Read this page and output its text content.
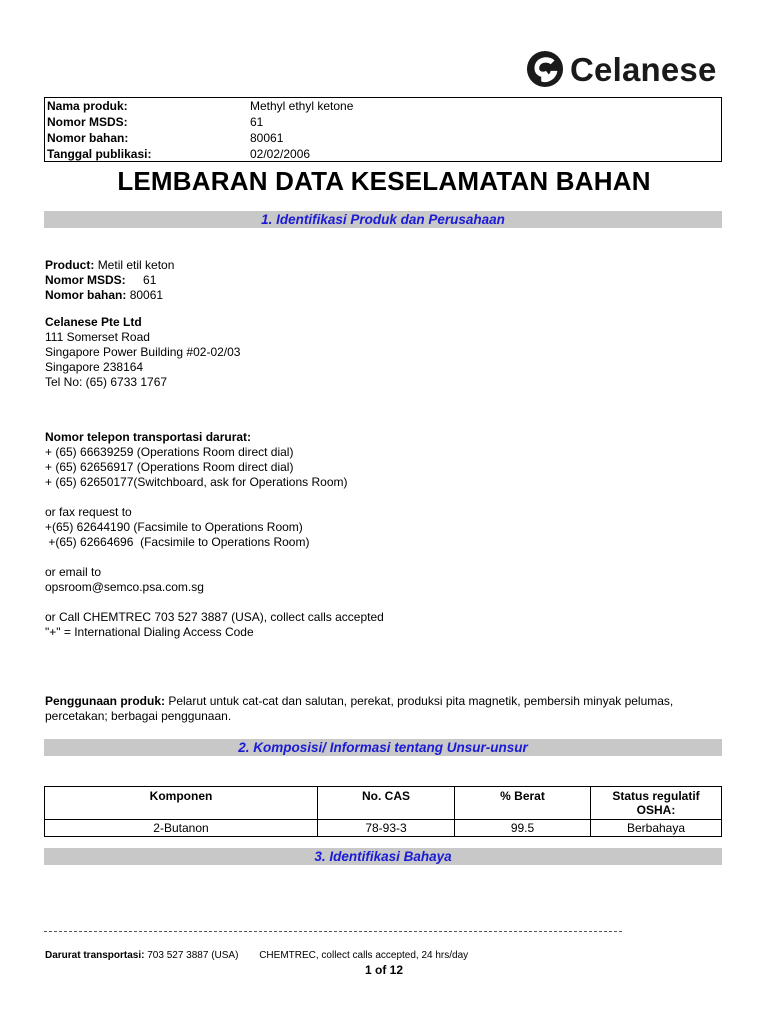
Celanese
Nama produk:	Methyl ethyl ketone
Nomor MSDS:	61
Nomor bahan:	80061
Tanggal publikasi:	02/02/2006
LEMBARAN DATA KESELAMATAN BAHAN
1. Identifikasi Produk dan Perusahaan
Product: Metil etil keton
Nomor MSDS: 61
Nomor bahan: 80061
Celanese Pte Ltd
111 Somerset Road
Singapore Power Building #02-02/03
Singapore 238164
Tel No: (65) 6733 1767
Nomor telepon transportasi darurat:
+ (65) 66639259 (Operations Room direct dial)
+ (65) 62656917 (Operations Room direct dial)
+ (65) 62650177(Switchboard, ask for Operations Room)
or fax request to
+(65) 62644190 (Facsimile to Operations Room)
+(65) 62664696  (Facsimile to Operations Room)
or email to
opsroom@semco.psa.com.sg
or Call CHEMTREC 703 527 3887 (USA), collect calls accepted
"+" = International Dialing Access Code
Penggunaan produk: Pelarut untuk cat-cat dan salutan, perekat, produksi pita magnetik, pembersih minyak pelumas,
percetakan; berbagai penggunaan.
2. Komposisi/ Informasi tentang Unsur-unsur
Komponen	No. CAS	% Berat	Status regulatif
OSHA:

2-Butanon	78-93-3	99.5	Berbahaya
3. Identifikasi Bahaya
Darurat transportasi: 703 527 3887 (USA) CHEMTREC, collect calls accepted, 24 hrs/day
1 of 12
